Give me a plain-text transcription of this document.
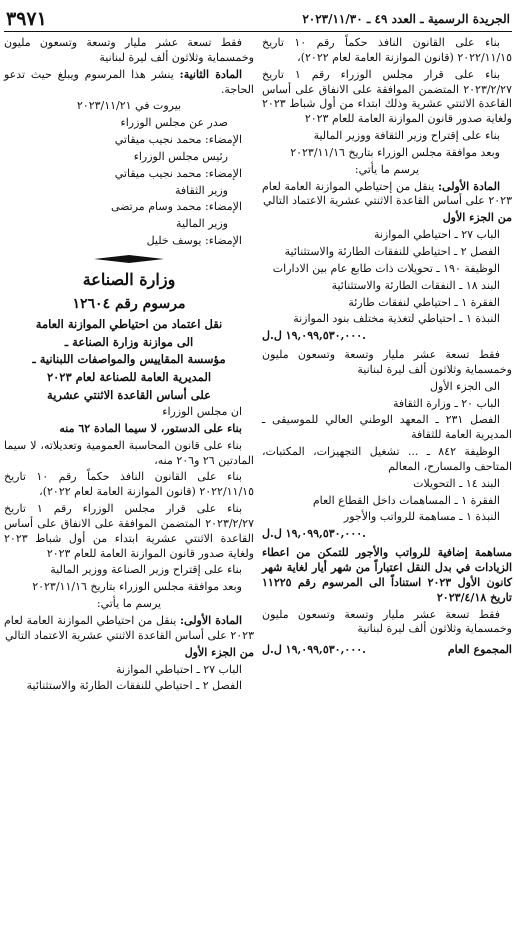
الجريدة الرسمية ـ العدد ٤٩ ـ ٢٠٢٣/١١/٣٠
٣٩٧١

بناء على القانون النافذ حكماً رقم ١٠ تاريخ ٢٠٢٢/١١/١٥ (قانون الموازنة العامة لعام ٢٠٢٢)،

بناء على قرار مجلس الوزراء رقم ١ تاريخ ٢٠٢٣/٢/٢٧ المتضمن الموافقة على الانفاق على أساس القاعدة الاثنتي عشرية وذلك ابتداء من أول شباط ٢٠٢٣ ولغاية صدور قانون الموازنة العامة للعام ٢٠٢٣

بناء على إقتراح وزير الثقافة ووزير المالية

وبعد موافقة مجلس الوزراء بتاريخ ٢٠٢٣/١١/١٦

يرسم ما يأتي:

المادة الأولى: ينقل من إحتياطي الموازنة العامة لعام ٢٠٢٣ على أساس القاعدة الاثنتي عشرية الاعتماد التالي

من الجزء الأول

الباب ٢٧ ـ احتياطي الموازنة

الفصل ٢ ـ احتياطي للنفقات الطارئة والاستثنائية

الوظيفة ١٩٠ ـ تحويلات ذات طابع عام بين الادارات

البند ١٨ ـ النفقات الطارئة والاستثنائية

الفقرة ١ ـ احتياطي لنفقات طارئة

النبذة ١ ـ احتياطي لتغذية مختلف بنود الموازنة

١٩,٠٩٩,٥٣٠,٠٠٠ ل.ل.

فقط تسعة عشر مليار وتسعة وتسعون مليون وخمسماية وثلاثون ألف ليرة لبنانية

الى الجزء الأول

الباب ٢٠ ـ وزارة الثقافة

الفصل ٢٣١ ـ المعهد الوطني العالي للموسيقى ـ المديرية العامة للثقافة

الوظيفة ٨٤٢ ـ ... تشغيل التجهيزات، المكتبات، المتاحف والمسارح، المعالم

البند ١٤ ـ التحويلات

الفقرة ١ ـ المساهمات داخل القطاع العام

النبذة ١ ـ مساهمة للرواتب والأجور

١٩,٠٩٩,٥٣٠,٠٠٠ ل.ل.

مساهمة إضافية للرواتب والأجور للتمكن من اعطاء الزيادات في بدل النقل اعتباراً من شهر أيار لغاية شهر كانون الأول ٢٠٢٣ استناداً الى المرسوم رقم ١١٢٢٥ تاريخ ٢٠٢٣/٤/١٨

فقط تسعة عشر مليار وتسعة وتسعون مليون وخمسماية وثلاثون ألف ليرة لبنانية

المجموع العام
١٩,٠٩٩,٥٣٠,٠٠٠ ل.ل.

فقط تسعة عشر مليار وتسعة وتسعون مليون وخمسماية وثلاثون ألف ليرة لبنانية

المادة الثانية: ينشر هذا المرسوم ويبلغ حيث تدعو الحاجة.

بيروت في ٢٠٢٣/١١/٢١

صدر عن مجلس الوزراء

الإمضاء: محمد نجيب ميقاتي

رئيس مجلس الوزراء

الإمضاء: محمد نجيب ميقاتي

وزير الثقافة

الإمضاء: محمد وسام مرتضى

وزير المالية

الإمضاء: يوسف خليل

وزارة الصناعة
مرسوم رقم ١٢٦٠٤
نقل اعتماد من احتياطي الموازنة العامة
الى موازنة وزارة الصناعة ـ
مؤسسة المقاييس والمواصفات اللبنانية ـ
المديرية العامة للصناعة لعام ٢٠٢٣
على أساس القاعدة الاثنتي عشرية

ان مجلس الوزراء

بناء على الدستور، لا سيما المادة ٦٢ منه

بناء على قانون المحاسبة العمومية وتعديلاته، لا سيما المادتين ٢٦ و٢٠٦ منه،

بناء على القانون النافذ حكماً رقم ١٠ تاريخ ٢٠٢٢/١١/١٥ (قانون الموازنة العامة لعام ٢٠٢٢)،

بناء على قرار مجلس الوزراء رقم ١ تاريخ ٢٠٢٣/٢/٢٧ المتضمن الموافقة على الانفاق على أساس القاعدة الاثنتي عشرية ابتداء من أول شباط ٢٠٢٣ ولغاية صدور قانون الموازنة العامة للعام ٢٠٢٣

بناء على إقتراح وزير الصناعة ووزير المالية

وبعد موافقة مجلس الوزراء بتاريخ ٢٠٢٣/١١/١٦

يرسم ما يأتي:

المادة الأولى: ينقل من احتياطي الموازنة العامة لعام ٢٠٢٣ على أساس القاعدة الاثنتي عشرية الاعتماد التالي

من الجزء الأول

الباب ٢٧ ـ احتياطي الموازنة

الفصل ٢ ـ احتياطي للنفقات الطارئة والاستثنائية
